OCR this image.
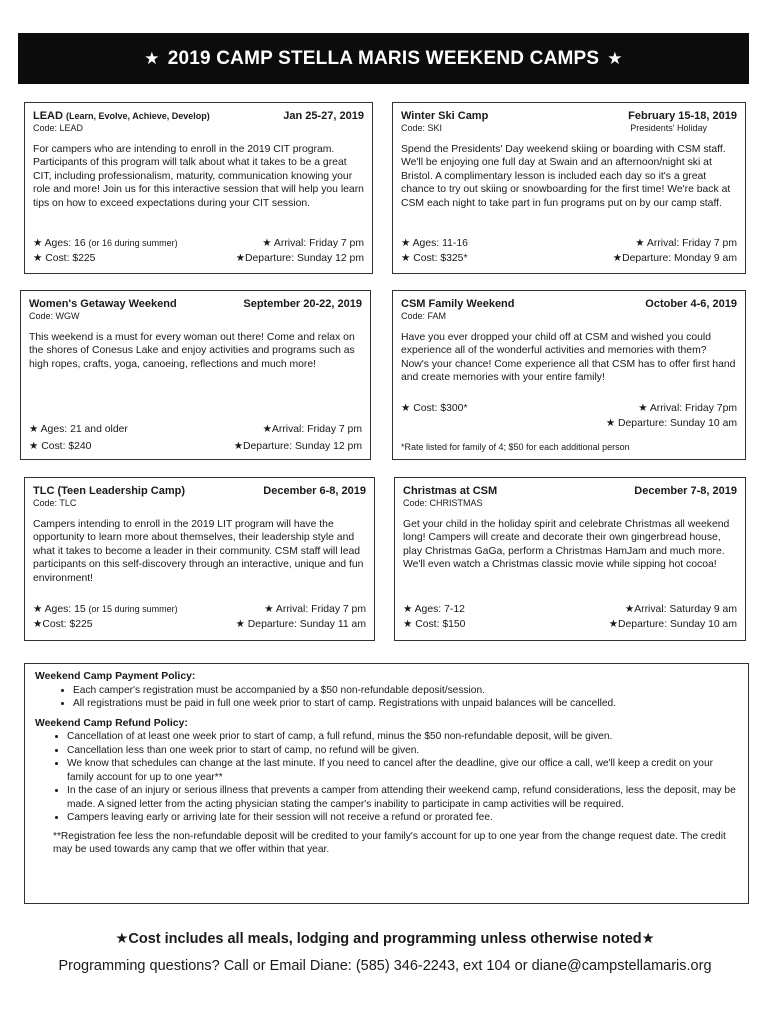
★ 2019 CAMP STELLA MARIS WEEKEND CAMPS ★
LEAD (Learn, Evolve, Achieve, Develop)	Jan 25-27, 2019
Code: LEAD

For campers who are intending to enroll in the 2019 CIT program. Participants of this program will talk about what it takes to be a great CIT, including professionalism, maturity, communication knowing your role and more! Join us for this interactive session that will help you learn tips on how to exceed expectations during your CIT session.

★ Ages: 16 (or 16 during summer)	★ Arrival: Friday 7 pm
★ Cost: $225	★Departure: Sunday 12 pm
Winter Ski Camp	February 15-18, 2019
Code: SKI	Presidents' Holiday

Spend the Presidents' Day weekend skiing or boarding with CSM staff. We'll be enjoying one full day at Swain and an afternoon/night ski at Bristol. A complimentary lesson is included each day so it's a great chance to try out skiing or snowboarding for the first time! We're back at CSM each night to take part in fun programs put on by our camp staff.

★ Ages: 11-16	★ Arrival: Friday 7 pm
★ Cost: $325*	★Departure: Monday 9 am
Women's Getaway Weekend	September 20-22, 2019
Code: WGW

This weekend is a must for every woman out there! Come and relax on the shores of Conesus Lake and enjoy activities and programs such as high ropes, crafts, yoga, canoeing, reflections and much more!

★ Ages: 21 and older	★Arrival: Friday 7 pm
★ Cost: $240	★Departure: Sunday 12 pm
CSM Family Weekend	October 4-6, 2019
Code: FAM

Have you ever dropped your child off at CSM and wished you could experience all of the wonderful activities and memories with them? Now's your chance! Come experience all that CSM has to offer first hand and create memories with your entire family!

★ Cost: $300*	★ Arrival: Friday 7pm
★ Departure: Sunday 10 am
*Rate listed for family of 4; $50 for each additional person
TLC (Teen Leadership Camp)	December 6-8, 2019
Code: TLC

Campers intending to enroll in the 2019 LIT program will have the opportunity to learn more about themselves, their leadership style and what it takes to become a leader in their community. CSM staff will lead participants on this self-discovery through an interactive, unique and fun environment!

★ Ages: 15 (or 15 during summer)	★ Arrival: Friday 7 pm
★Cost: $225	★ Departure: Sunday 11 am
Christmas at CSM	December 7-8, 2019
Code: CHRISTMAS

Get your child in the holiday spirit and celebrate Christmas all weekend long! Campers will create and decorate their own gingerbread house, play Christmas GaGa, perform a Christmas HamJam and much more. We'll even watch a Christmas classic movie while sipping hot cocoa!

★ Ages: 7-12	★Arrival: Saturday 9 am
★ Cost: $150	★Departure: Sunday 10 am
Weekend Camp Payment Policy:
• Each camper's registration must be accompanied by a $50 non-refundable deposit/session.
• All registrations must be paid in full one week prior to start of camp. Registrations with unpaid balances will be cancelled.
Weekend Camp Refund Policy:
• Cancellation of at least one week prior to start of camp, a full refund, minus the $50 non-refundable deposit, will be given.
• Cancellation less than one week prior to start of camp, no refund will be given.
• We know that schedules can change at the last minute. If you need to cancel after the deadline, give our office a call, we'll keep a credit on your family account for up to one year**
• In the case of an injury or serious illness that prevents a camper from attending their weekend camp, refund considerations, less the deposit, may be made. A signed letter from the acting physician stating the camper's inability to participate in camp activities will be required.
• Campers leaving early or arriving late for their session will not receive a refund or prorated fee.

**Registration fee less the non-refundable deposit will be credited to your family's account for up to one year from the change request date. The credit may be used towards any camp that we offer within that year.

★Cost includes all meals, lodging and programming unless otherwise noted★
Programming questions? Call or Email Diane: (585) 346-2243, ext 104 or diane@campstellamaris.org
